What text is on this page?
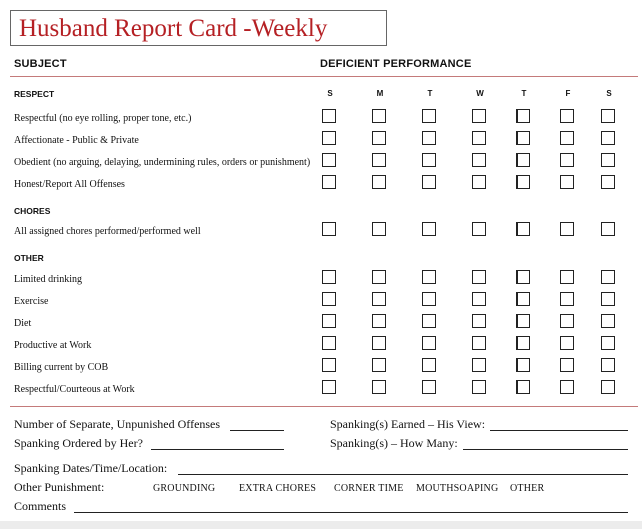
Husband Report Card -Weekly
SUBJECT	DEFICIENT PERFORMANCE
S	M	T	W	T	F	S
RESPECT
Respectful (no eye rolling, proper tone, etc.)
Affectionate - Public & Private
Obedient (no arguing, delaying, undermining rules, orders or punishment)
Honest/Report All Offenses
CHORES
All assigned chores performed/performed well
OTHER
Limited drinking
Exercise
Diet
Productive at Work
Billing current by COB
Respectful/Courteous at Work
Number of Separate, Unpunished Offenses	Spanking(s) Earned – His View:
Spanking Ordered by Her?	Spanking(s) – How Many:
Spanking Dates/Time/Location:
Other Punishment:	GROUNDING EXTRA CHORES CORNER TIME MOUTHSOAPING OTHER
Comments
